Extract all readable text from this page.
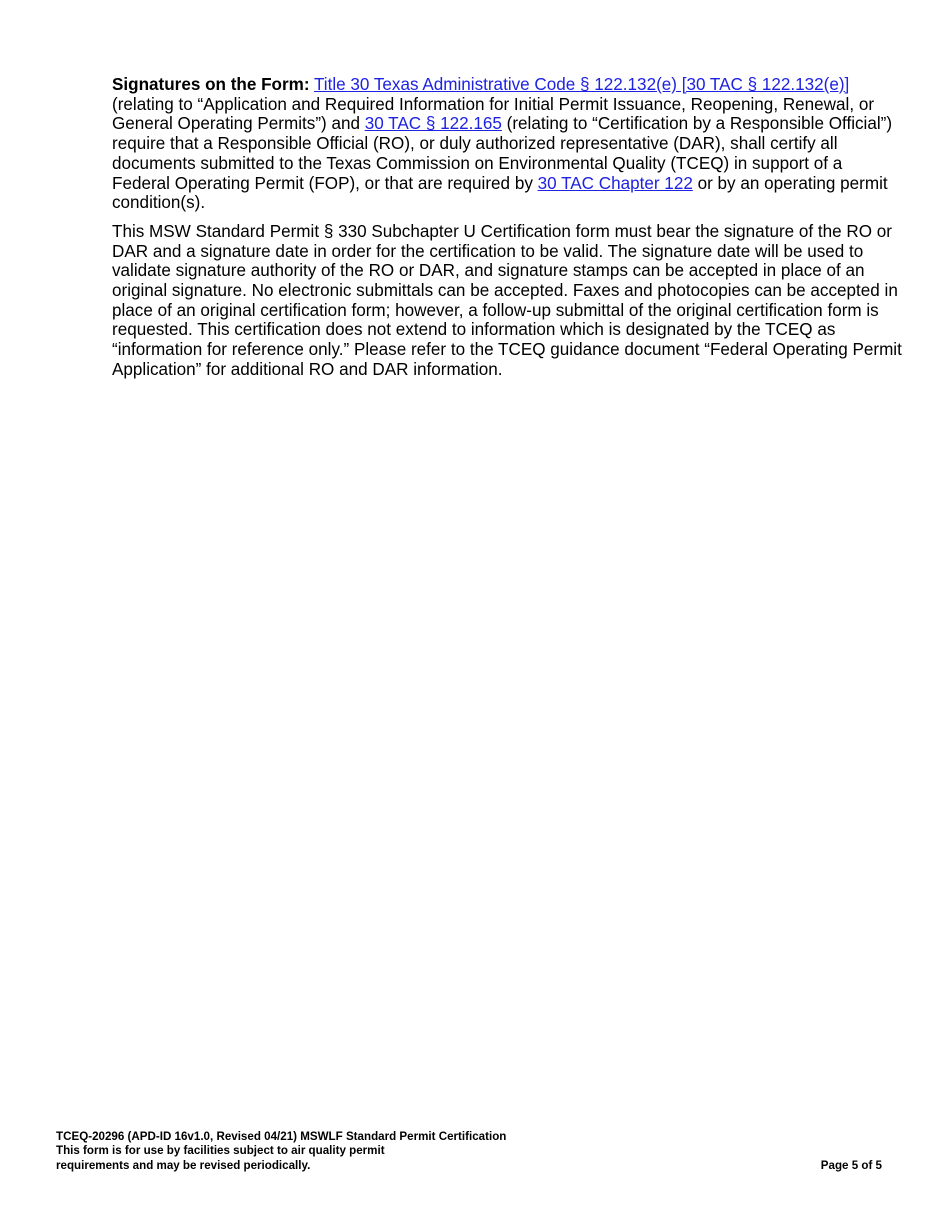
Signatures on the Form: Title 30 Texas Administrative Code § 122.132(e) [30 TAC § 122.132(e)] (relating to “Application and Required Information for Initial Permit Issuance, Reopening, Renewal, or General Operating Permits”) and 30 TAC § 122.165 (relating to “Certification by a Responsible Official”) require that a Responsible Official (RO), or duly authorized representative (DAR), shall certify all documents submitted to the Texas Commission on Environmental Quality (TCEQ) in support of a Federal Operating Permit (FOP), or that are required by 30 TAC Chapter 122 or by an operating permit condition(s).

This MSW Standard Permit § 330 Subchapter U Certification form must bear the signature of the RO or DAR and a signature date in order for the certification to be valid. The signature date will be used to validate signature authority of the RO or DAR, and signature stamps can be accepted in place of an original signature. No electronic submittals can be accepted. Faxes and photocopies can be accepted in place of an original certification form; however, a follow-up submittal of the original certification form is requested. This certification does not extend to information which is designated by the TCEQ as “information for reference only.” Please refer to the TCEQ guidance document “Federal Operating Permit Application” for additional RO and DAR information.

TCEQ-20296 (APD-ID 16v1.0, Revised 04/21) MSWLF Standard Permit Certification
This form is for use by facilities subject to air quality permit
requirements and may be revised periodically.	Page 5 of 5
